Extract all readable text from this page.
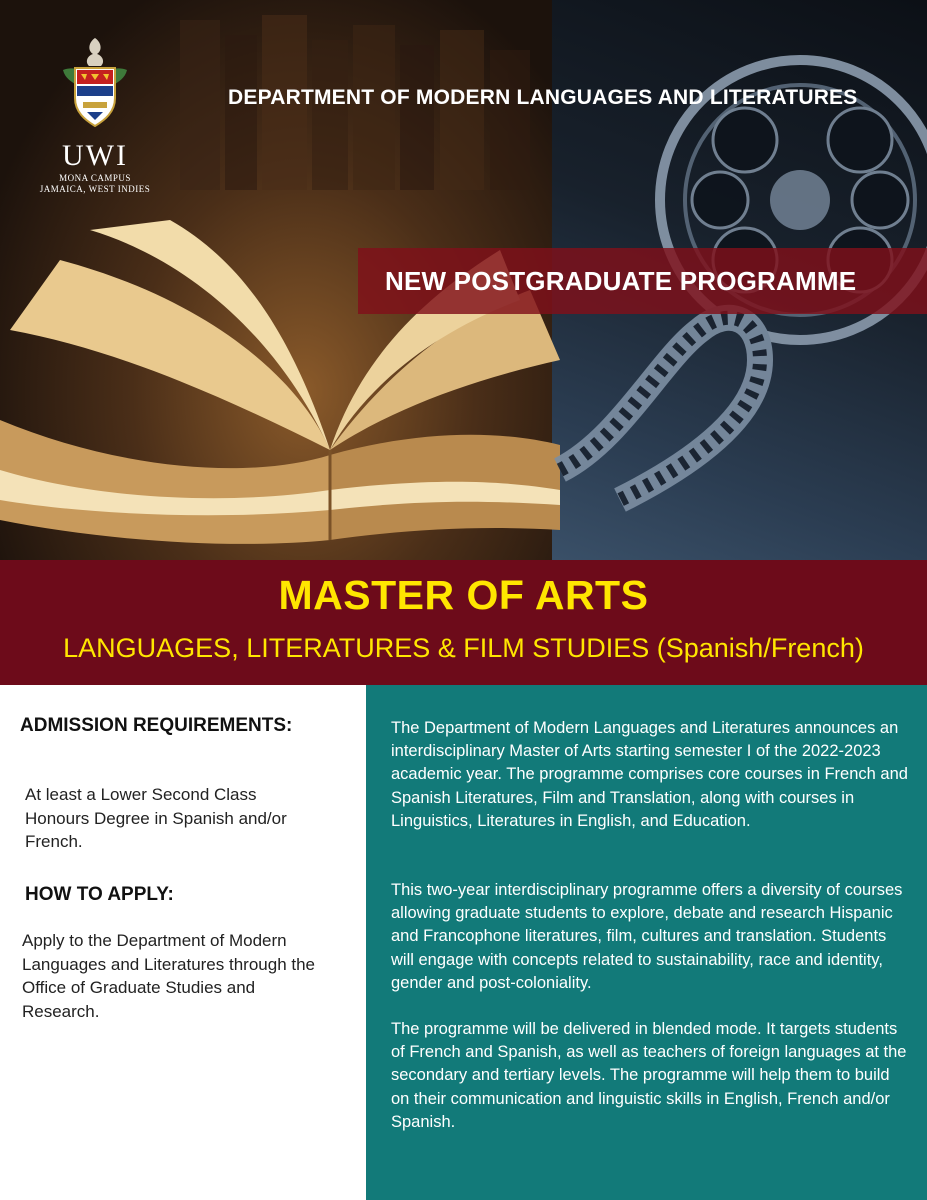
UWI
MONA CAMPUS
JAMAICA, WEST INDIES
DEPARTMENT OF MODERN LANGUAGES AND LITERATURES
NEW POSTGRADUATE PROGRAMME
MASTER OF ARTS
LANGUAGES, LITERATURES & FILM STUDIES (Spanish/French)
ADMISSION REQUIREMENTS:
At least a Lower Second Class Honours Degree in Spanish and/or French.
HOW TO APPLY:
Apply to the Department of Modern Languages and Literatures through the Office of Graduate Studies and Research.

The Department of Modern Languages and Literatures announces an interdisciplinary Master of Arts starting semester I of the 2022-2023 academic year. The programme comprises core courses in French and Spanish Literatures, Film and Translation, along with courses in Linguistics, Literatures in English, and Education.

This two-year interdisciplinary programme offers a diversity of courses allowing graduate students to explore, debate and research Hispanic and Francophone literatures, film, cultures and translation. Students will engage with concepts related to sustainability, race and identity, gender and post-coloniality.

The programme will be delivered in blended mode. It targets students of French and Spanish, as well as teachers of foreign languages at the secondary and tertiary levels. The programme will help them to build on their communication and linguistic skills in English, French and/or Spanish.
